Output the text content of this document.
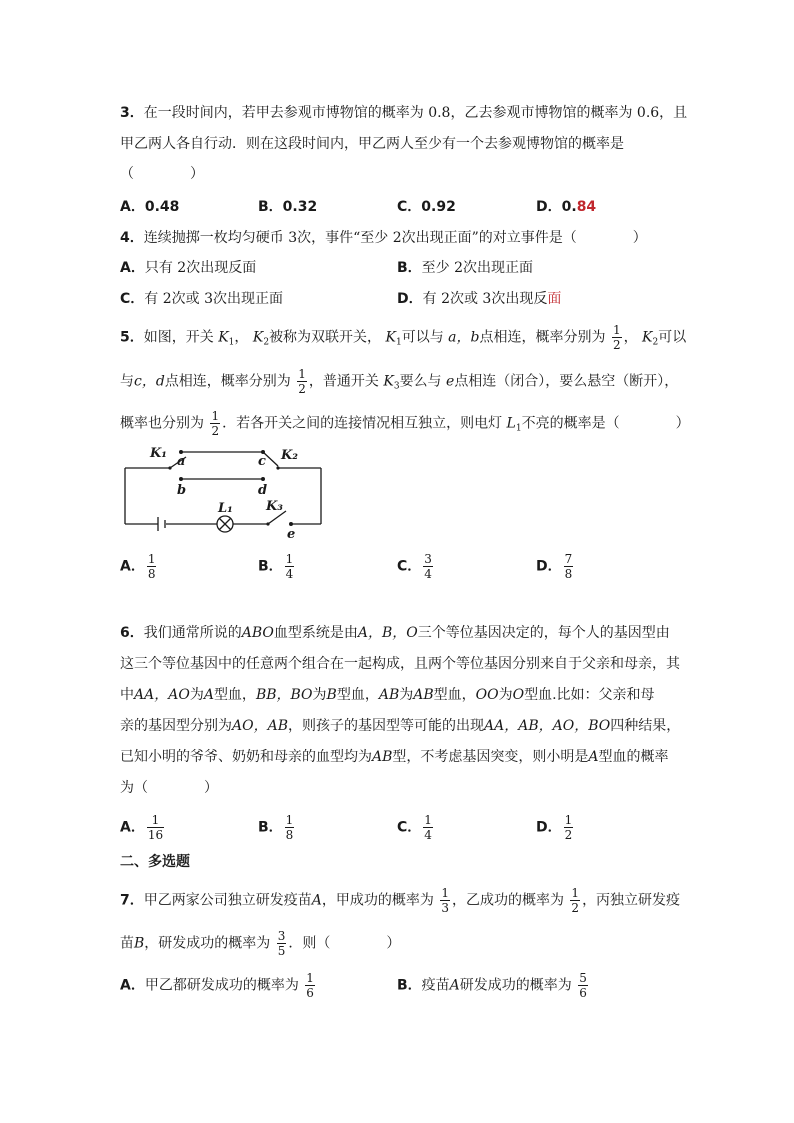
3．在一段时间内，若甲去参观市博物馆的概率为 0.8，乙去参观市博物馆的概率为 0.6，且
甲乙两人各自行动．则在这段时间内，甲乙两人至少有一个去参观博物馆的概率是
（　　　　）
A．0.48	B．0.32	C．0.92	D．0.84
4．连续抛掷一枚均匀硬币 3次，事件“至少 2次出现正面”的对立事件是（　　　　）
A．只有 2次出现反面	B．至少 2次出现正面
C．有 2次或 3次出现正面	D．有 2次或 3次出现反面
5．如图，开关 $K_1$， $K_2$被称为双联开关， $K_1$可以与 a，b点相连，概率分别为 $\frac{1}{2}$ ， $K_2$可以
与c，d点相连，概率分别为 $\frac{1}{2}$ ，普通开关 $K_3$要么与 e点相连（闭合），要么悬空（断开），
概率也分别为 $\frac{1}{2}$ ．若各开关之间的连接情况相互独立，则电灯 $L_1$不亮的概率是（　　　　）
K₁	K₂
K₃
L₁
a
b
c
d
e
A． $\frac{1}{8}$	B． $\frac{1}{4}$	C． $\frac{3}{4}$	D． $\frac{7}{8}$
6．我们通常所说的ABO血型系统是由A，B，O三个等位基因决定的，每个人的基因型由
这三个等位基因中的任意两个组合在一起构成，且两个等位基因分别来自于父亲和母亲，其
中AA，AO为A型血，BB，BO为B型血，AB为AB型血，OO为O型血.比如：父亲和母
亲的基因型分别为AO，AB，则孩子的基因型等可能的出现AA，AB，AO，BO四种结果，
已知小明的爷爷、奶奶和母亲的血型均为AB型，不考虑基因突变，则小明是A型血的概率
为（　　　　）
A． $\frac{1}{16}$	B． $\frac{1}{8}$	C． $\frac{1}{4}$	D． $\frac{1}{2}$
二、多选题
7．甲乙两家公司独立研发疫苗A，甲成功的概率为 $\frac{1}{3}$ ，乙成功的概率为 $\frac{1}{2}$ ，丙独立研发疫
苗B，研发成功的概率为 $\frac{3}{5}$ ．则（　　　　）
A．甲乙都研发成功的概率为 $\frac{1}{6}$	B．疫苗A研发成功的概率为 $\frac{5}{6}$
